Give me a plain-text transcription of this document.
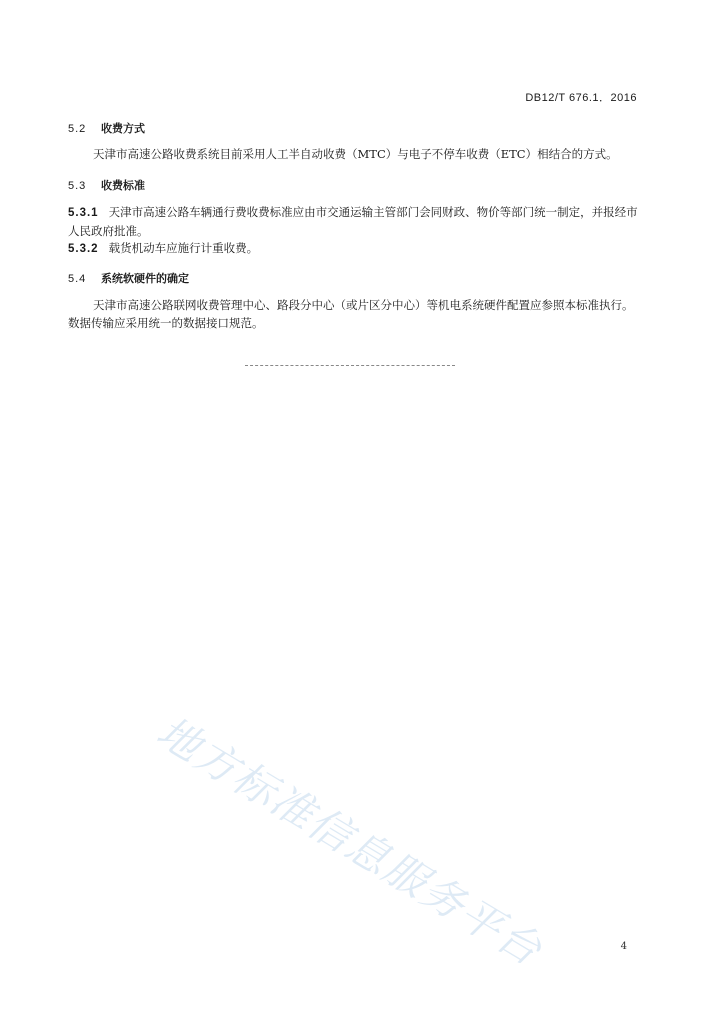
DB12/T 676.1．2016
5.2 收费方式
天津市高速公路收费系统目前采用人工半自动收费（MTC）与电子不停车收费（ETC）相结合的方式。
5.3 收费标准
5.3.1 天津市高速公路车辆通行费收费标准应由市交通运输主管部门会同财政、物价等部门统一制定，并报经市人民政府批准。
5.3.2 载货机动车应施行计重收费。
5.4 系统软硬件的确定
天津市高速公路联网收费管理中心、路段分中心（或片区分中心）等机电系统硬件配置应参照本标准执行。数据传输应采用统一的数据接口规范。
地方标准信息服务平台	4
